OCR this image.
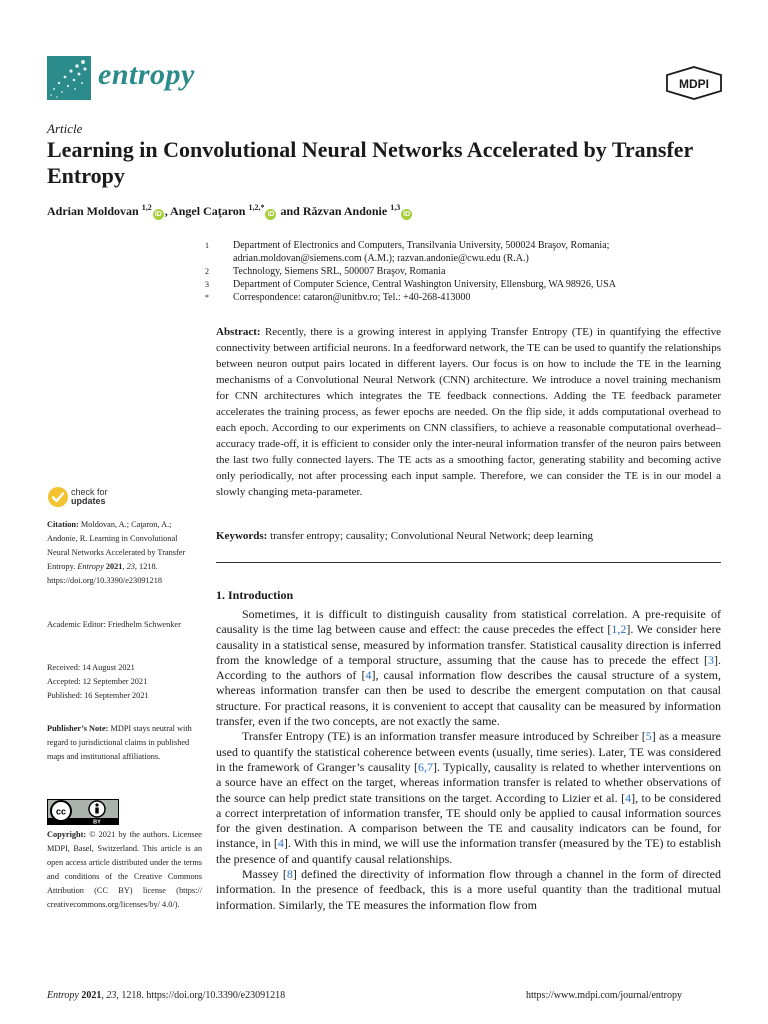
entropy	MDPI
Article
Learning in Convolutional Neural Networks Accelerated by Transfer Entropy
Adrian Moldovan $^{1,2}$iD , Angel Caţaron $^{1,2,*}$iD and Răzvan Andonie $^{1,3}$iD
1	Department of Electronics and Computers, Transilvania University, 500024 Braşov, Romania; adrian.moldovan@siemens.com (A.M.); razvan.andonie@cwu.edu (R.A.)
2	Technology, Siemens SRL, 500007 Braşov, Romania
3	Department of Computer Science, Central Washington University, Ellensburg, WA 98926, USA
*	Correspondence: cataron@unitbv.ro; Tel.: +40-268-413000
Abstract: Recently, there is a growing interest in applying Transfer Entropy (TE) in quantifying the effective connectivity between artificial neurons. In a feedforward network, the TE can be used to quantify the relationships between neuron output pairs located in different layers. Our focus is on how to include the TE in the learning mechanisms of a Convolutional Neural Network (CNN) architecture. We introduce a novel training mechanism for CNN architectures which integrates the TE feedback connections. Adding the TE feedback parameter accelerates the training process, as fewer epochs are needed. On the flip side, it adds computational overhead to each epoch. According to our experiments on CNN classifiers, to achieve a reasonable computational overhead–accuracy trade-off, it is efficient to consider only the inter-neural information transfer of the neuron pairs between the last two fully connected layers. The TE acts as a smoothing factor, generating stability and becoming active only periodically, not after processing each input sample. Therefore, we can consider the TE is in our model a slowly changing meta-parameter.
Keywords: transfer entropy; causality; Convolutional Neural Network; deep learning
check for
updates
Citation: Moldovan, A.; Caţaron, A.; Andonie, R. Learning in Convolutional Neural Networks Accelerated by Transfer Entropy. Entropy 2021, 23, 1218. https://doi.org/10.3390/e23091218
Academic Editor: Friedhelm Schwenker
Received: 14 August 2021
Accepted: 12 September 2021
Published: 16 September 2021
Publisher’s Note: MDPI stays neutral with regard to jurisdictional claims in published maps and institutional affiliations.
cc
BY
Copyright: © 2021 by the authors. Licensee MDPI, Basel, Switzerland. This article is an open access article distributed under the terms and conditions of the Creative Commons Attribution (CC BY) license (https:// creativecommons.org/licenses/by/ 4.0/).
1. Introduction

Sometimes, it is difficult to distinguish causality from statistical correlation. A pre-requisite of causality is the time lag between cause and effect: the cause precedes the effect [1,2]. We consider here causality in a statistical sense, measured by information transfer. Statistical causality direction is inferred from the knowledge of a temporal structure, assuming that the cause has to precede the effect [3]. According to the authors of [4], causal information flow describes the causal structure of a system, whereas information transfer can then be used to describe the emergent computation on that causal structure. For practical reasons, it is convenient to accept that causality can be measured by information transfer, even if the two concepts, are not exactly the same.

Transfer Entropy (TE) is an information transfer measure introduced by Schreiber [5] as a measure used to quantify the statistical coherence between events (usually, time series). Later, TE was considered in the framework of Granger’s causality [6,7]. Typically, causality is related to whether interventions on a source have an effect on the target, whereas information transfer is related to whether observations of the source can help predict state transitions on the target. According to Lizier et al. [4], to be considered a correct interpretation of information transfer, TE should only be applied to causal information sources for the given destination. A comparison between the TE and causality indicators can be found, for instance, in [4]. With this in mind, we will use the information transfer (measured by the TE) to establish the presence of and quantify causal relationships.

Massey [8] defined the directivity of information flow through a channel in the form of directed information. In the presence of feedback, this is a more useful quantity than the traditional mutual information. Similarly, the TE measures the information flow from

Entropy 2021, 23, 1218. https://doi.org/10.3390/e23091218	https://www.mdpi.com/journal/entropy
